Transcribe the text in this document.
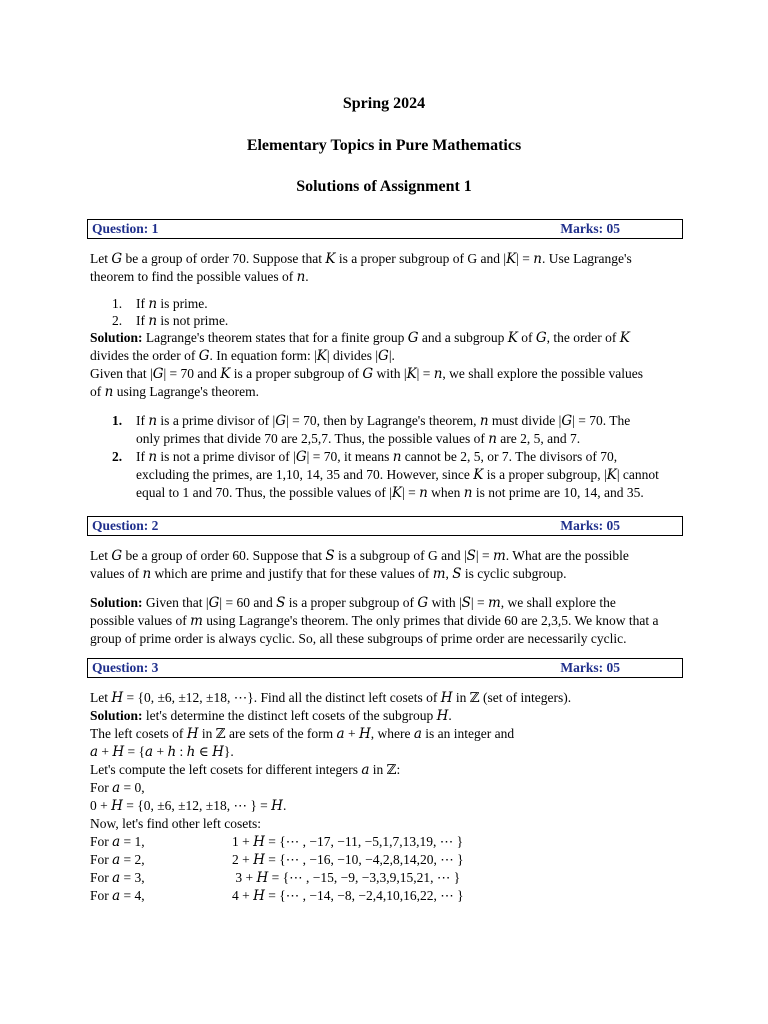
Spring 2024
Elementary Topics in Pure Mathematics
Solutions of Assignment 1
Question: 1	Marks: 05
Let 𝐺 be a group of order 70. Suppose that 𝐾 is a proper subgroup of G and |𝐾| = 𝑛. Use Lagrange's
theorem to find the possible values of 𝑛.
1. If 𝑛 is prime.
2. If 𝑛 is not prime.
Solution: Lagrange's theorem states that for a finite group 𝐺 and a subgroup 𝐾 of 𝐺, the order of 𝐾
divides the order of 𝐺. In equation form: |𝐾| divides |𝐺|.
Given that |𝐺| = 70 and 𝐾 is a proper subgroup of 𝐺 with |𝐾| = 𝑛, we shall explore the possible values
of 𝑛 using Lagrange's theorem.
1. If 𝑛 is a prime divisor of |𝐺| = 70, then by Lagrange's theorem, 𝑛 must divide |𝐺| = 70. The
only primes that divide 70 are 2,5,7. Thus, the possible values of 𝑛 are 2, 5, and 7.
2. If 𝑛 is not a prime divisor of |𝐺| = 70, it means 𝑛 cannot be 2, 5, or 7. The divisors of 70,
excluding the primes, are 1,10, 14, 35 and 70. However, since 𝐾 is a proper subgroup, |𝐾| cannot
equal to 1 and 70. Thus, the possible values of |𝐾| = 𝑛 when 𝑛 is not prime are 10, 14, and 35.
Question: 2	Marks: 05
Let 𝐺 be a group of order 60. Suppose that 𝑆 is a subgroup of G and |𝑆| = 𝑚. What are the possible
values of 𝑛 which are prime and justify that for these values of 𝑚, 𝑆 is cyclic subgroup.
Solution: Given that |𝐺| = 60 and 𝑆 is a proper subgroup of 𝐺 with |𝑆| = 𝑚, we shall explore the
possible values of 𝑚 using Lagrange's theorem. The only primes that divide 60 are 2,3,5. We know that a
group of prime order is always cyclic. So, all these subgroups of prime order are necessarily cyclic.
Question: 3	Marks: 05
Let 𝐻 = {0, ±6, ±12, ±18, ⋯}. Find all the distinct left cosets of 𝐻 in ℤ (set of integers).
Solution: let's determine the distinct left cosets of the subgroup 𝐻.
The left cosets of 𝐻 in ℤ are sets of the form 𝑎 + 𝐻, where 𝑎 is an integer and
𝑎 + 𝐻 = {𝑎 + ℎ : ℎ ∈ 𝐻}.
Let's compute the left cosets for different integers 𝑎 in ℤ:
For 𝑎 = 0,
0 + 𝐻 = {0, ±6, ±12, ±18, ⋯ } = 𝐻.
Now, let's find other left cosets:
For 𝑎 = 1,	1 + 𝐻 = {⋯ , −17, −11, −5,1,7,13,19, ⋯ }
For 𝑎 = 2,	2 + 𝐻 = {⋯ , −16, −10, −4,2,8,14,20, ⋯ }
For 𝑎 = 3,	3 + 𝐻 = {⋯ , −15, −9, −3,3,9,15,21, ⋯ }
For 𝑎 = 4,	4 + 𝐻 = {⋯ , −14, −8, −2,4,10,16,22, ⋯ }
